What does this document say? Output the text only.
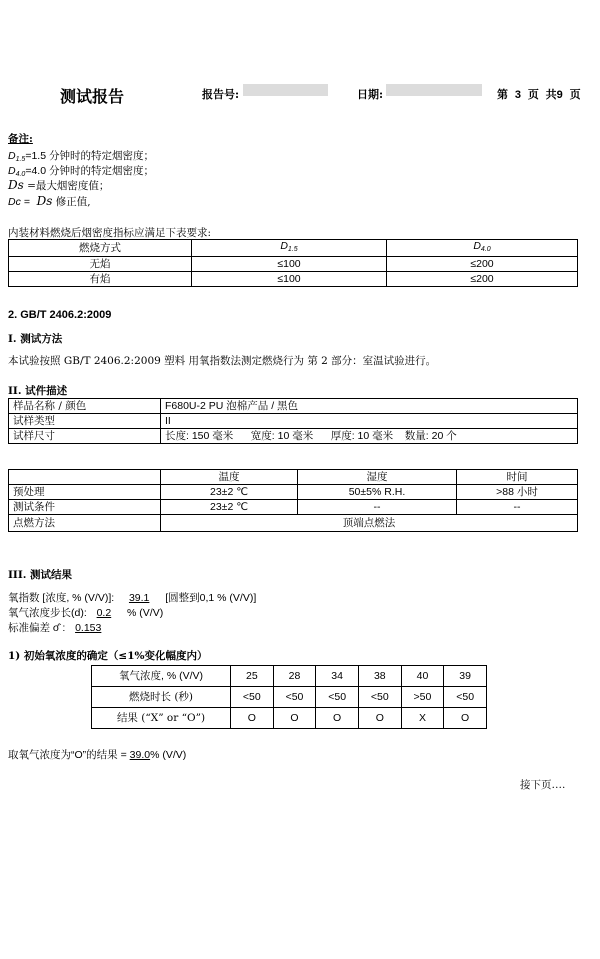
测试报告	报告号:	日期:	第 3 页 共9 页
备注:
$D_{1.5}=1.5$ 分钟时的特定烟密度；
$D_{4.0}=4.0$ 分钟时的特定烟密度；
Ds =最大烟密度值；
Dc = Ds 修正值,
内装材料燃烧后烟密度指标应满足下表要求:
燃烧方式	$D_{1.5}$	$D_{4.0}$
无焰	≤100	≤200
有焰	≤100	≤200
2. GB/T 2406.2:2009
I. 测试方法
本试验按照 GB/T 2406.2:2009 塑料 用氧指数法测定燃烧行为 第 2 部分：室温试验进行。
II. 试件描述
样品名称 / 颜色	F680U-2 PU 泡棉产品 / 黑色
试样类型	II
试样尺寸	长度: 150 毫米      宽度: 10 毫米      厚度: 10 毫米    数量: 20 个
	温度	湿度	时间
预处理	23±2 ℃	50±5% R.H.	>88 小时
测试条件	23±2 ℃	--	--
点燃方法	顶端点燃法		
III. 测试结果
氧指数 [浓度, % (V/V)]: 39.1 [圆整到0,1 % (V/V)]
氧气浓度步长(d): 0.2 % (V/V)
标准偏差 σ̂ : 0.153
1) 初始氧浓度的确定（≤1%变化幅度内）
氧气浓度, % (V/V)	25	28	34	38	40	39
燃烧时长 (秒)	<50	<50	<50	<50	>50	<50
结果 (“X” or “O”)	O	O	O	O	X	O
取氧气浓度为“O”的结果 = 39.0% (V/V)
接下页….
